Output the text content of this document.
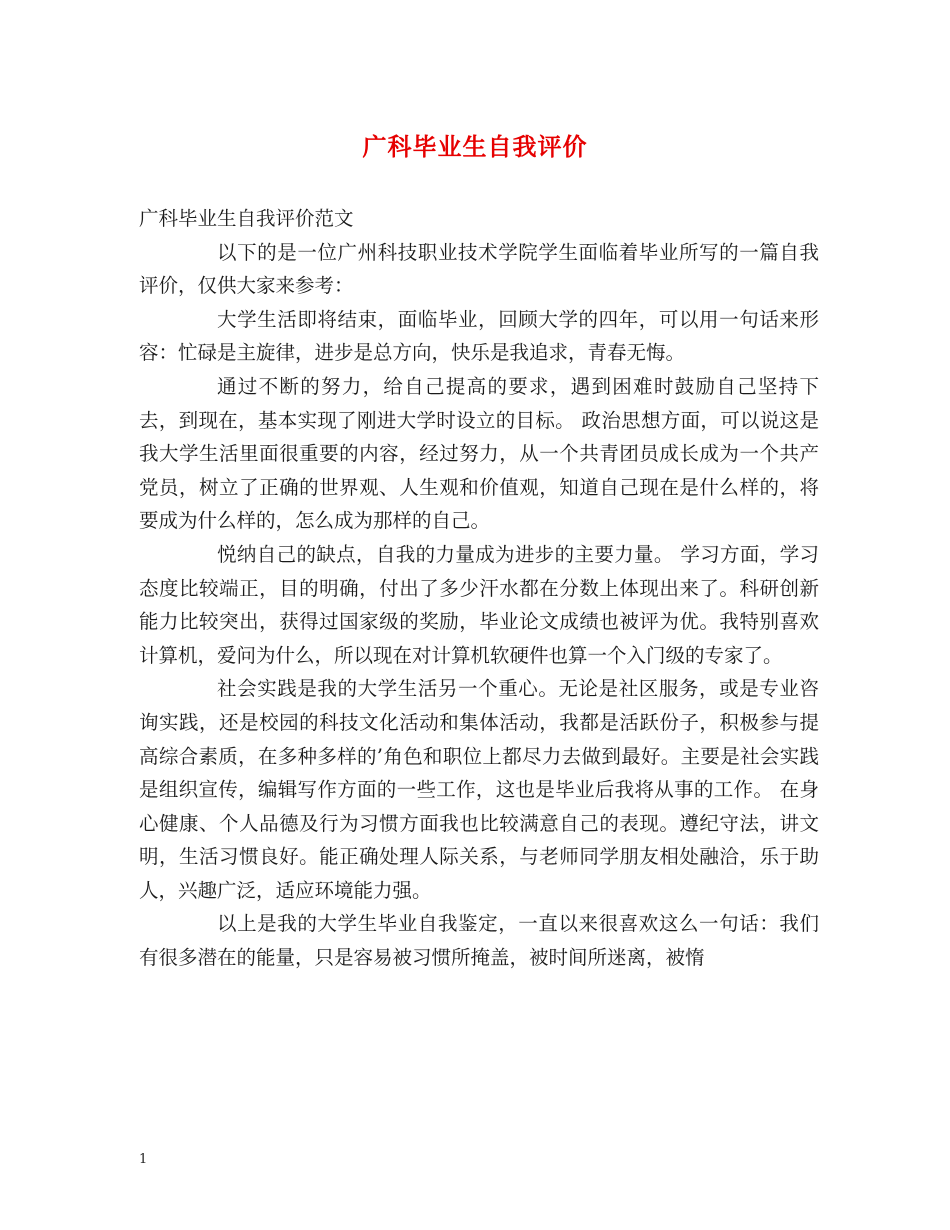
广科毕业生自我评价

广科毕业生自我评价范文

以下的是一位广州科技职业技术学院学生面临着毕业所写的一篇自我评价，仅供大家来参考：

大学生活即将结束，面临毕业，回顾大学的四年，可以用一句话来形容：忙碌是主旋律，进步是总方向，快乐是我追求，青春无悔。

通过不断的努力，给自己提高的要求，遇到困难时鼓励自己坚持下去，到现在，基本实现了刚进大学时设立的目标。 政治思想方面，可以说这是我大学生活里面很重要的内容，经过努力，从一个共青团员成长成为一个共产党员，树立了正确的世界观、人生观和价值观，知道自己现在是什么样的，将要成为什么样的，怎么成为那样的自己。

悦纳自己的缺点，自我的力量成为进步的主要力量。 学习方面，学习态度比较端正，目的明确，付出了多少汗水都在分数上体现出来了。科研创新能力比较突出，获得过国家级的奖励，毕业论文成绩也被评为优。我特别喜欢计算机，爱问为什么，所以现在对计算机软硬件也算一个入门级的专家了。

社会实践是我的大学生活另一个重心。无论是社区服务，或是专业咨询实践，还是校园的科技文化活动和集体活动，我都是活跃份子，积极参与提高综合素质，在多种多样的’角色和职位上都尽力去做到最好。主要是社会实践是组织宣传，编辑写作方面的一些工作，这也是毕业后我将从事的工作。 在身心健康、个人品德及行为习惯方面我也比较满意自己的表现。遵纪守法，讲文明，生活习惯良好。能正确处理人际关系，与老师同学朋友相处融洽，乐于助人，兴趣广泛，适应环境能力强。

以上是我的大学生毕业自我鉴定，一直以来很喜欢这么一句话：我们有很多潜在的能量，只是容易被习惯所掩盖，被时间所迷离，被惰

1
